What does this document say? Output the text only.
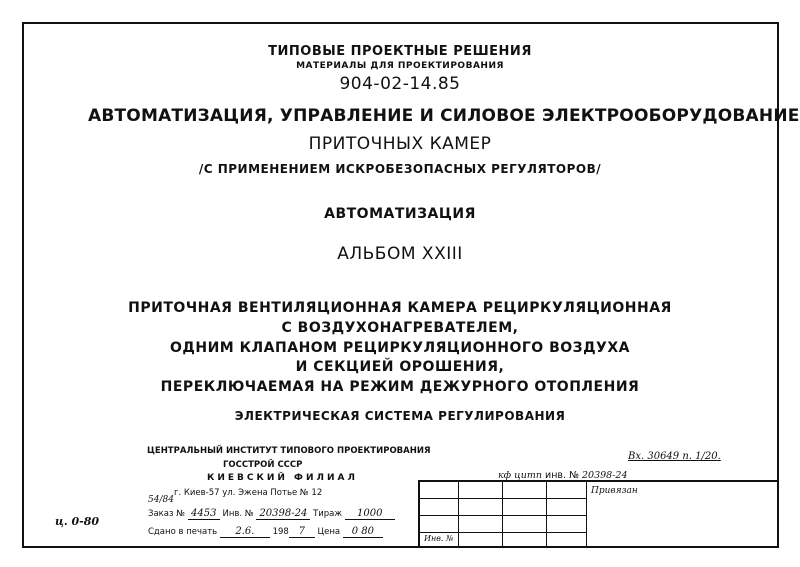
ТИПОВЫЕ ПРОЕКТНЫЕ РЕШЕНИЯ
МАТЕРИАЛЫ ДЛЯ ПРОЕКТИРОВАНИЯ
904-02-14.85
АВТОМАТИЗАЦИЯ, УПРАВЛЕНИЕ И СИЛОВОЕ ЭЛЕКТРООБОРУДОВАНИЕ
ПРИТОЧНЫХ КАМЕР
/С ПРИМЕНЕНИЕМ ИСКРОБЕЗОПАСНЫХ РЕГУЛЯТОРОВ/
АВТОМАТИЗАЦИЯ
АЛЬБОМ XXIII
ПРИТОЧНАЯ ВЕНТИЛЯЦИОННАЯ КАМЕРА РЕЦИРКУЛЯЦИОННАЯ
С ВОЗДУХОНАГРЕВАТЕЛЕМ,
ОДНИМ КЛАПАНОМ РЕЦИРКУЛЯЦИОННОГО ВОЗДУХА
И СЕКЦИЕЙ ОРОШЕНИЯ,
ПЕРЕКЛЮЧАЕМАЯ НА РЕЖИМ ДЕЖУРНОГО ОТОПЛЕНИЯ
ЭЛЕКТРИЧЕСКАЯ СИСТЕМА РЕГУЛИРОВАНИЯ
ЦЕНТРАЛЬНЫЙ ИНСТИТУТ ТИПОВОГО ПРОЕКТИРОВАНИЯ
ГОССТРОЙ СССР
КИЕВСКИЙ ФИЛИАЛ
г. Киев-57 ул. Эжена Потье № 12
54/84
Заказ № 4453 Инв. № 20398-24 Тираж 1000
Сдано в печать 2.6. 198 7 Цена 0 80
ц. 0-80
Вх. 30649 п. 1/20.
кф цитп инв. № 20398-24
Привязан
Инв. №
